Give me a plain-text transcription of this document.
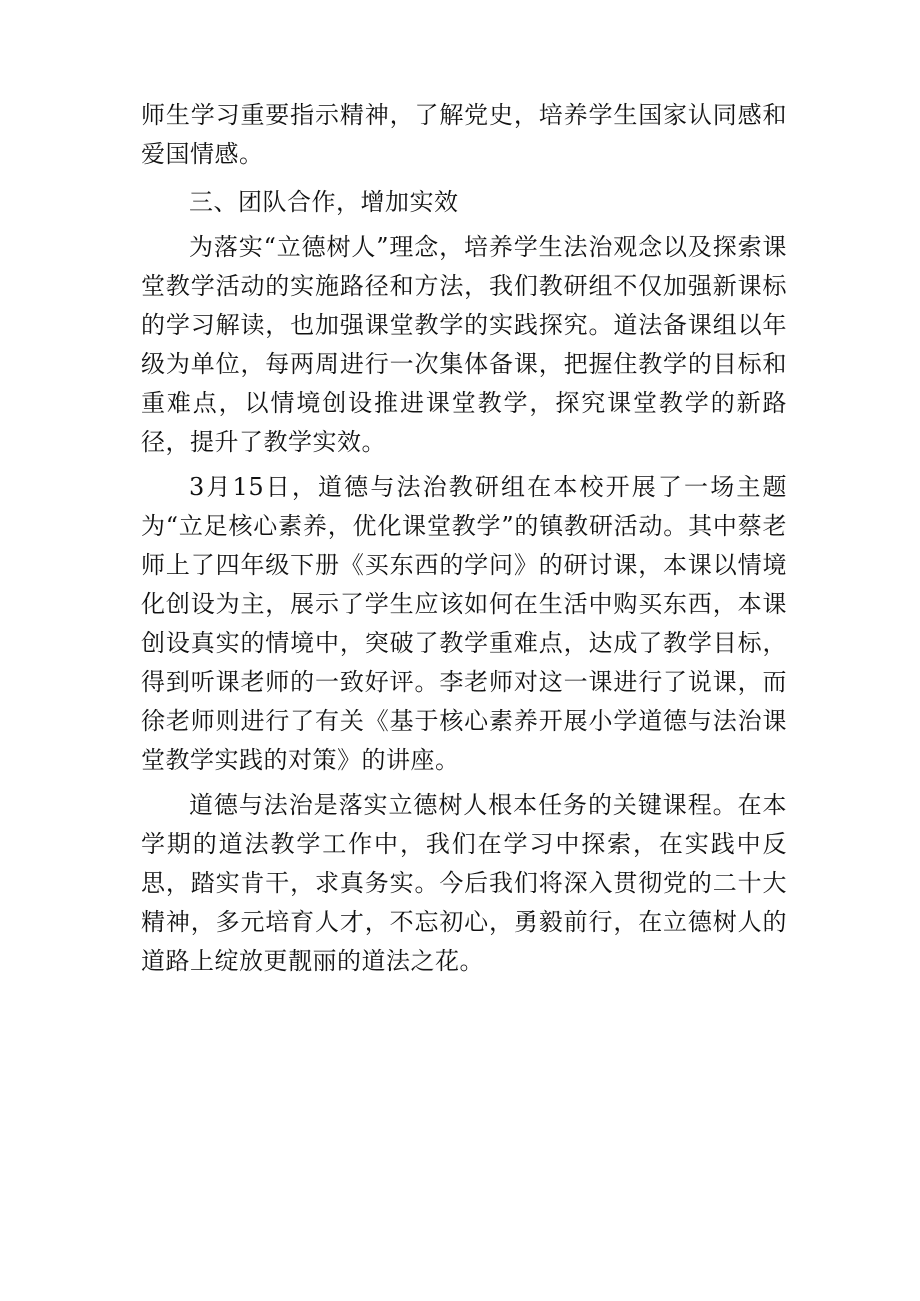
师生学习重要指示精神，了解党史，培养学生国家认同感和爱国情感。

三、团队合作，增加实效

为落实“立德树人”理念，培养学生法治观念以及探索课堂教学活动的实施路径和方法，我们教研组不仅加强新课标的学习解读，也加强课堂教学的实践探究。道法备课组以年级为单位，每两周进行一次集体备课，把握住教学的目标和重难点，以情境创设推进课堂教学，探究课堂教学的新路径，提升了教学实效。

3月15日，道德与法治教研组在本校开展了一场主题为“立足核心素养，优化课堂教学”的镇教研活动。其中蔡老师上了四年级下册《买东西的学问》的研讨课，本课以情境化创设为主，展示了学生应该如何在生活中购买东西，本课创设真实的情境中，突破了教学重难点，达成了教学目标，得到听课老师的一致好评。李老师对这一课进行了说课，而徐老师则进行了有关《基于核心素养开展小学道德与法治课堂教学实践的对策》的讲座。

道德与法治是落实立德树人根本任务的关键课程。在本学期的道法教学工作中，我们在学习中探索，在实践中反思，踏实肯干，求真务实。今后我们将深入贯彻党的二十大精神，多元培育人才，不忘初心，勇毅前行，在立德树人的道路上绽放更靓丽的道法之花。
